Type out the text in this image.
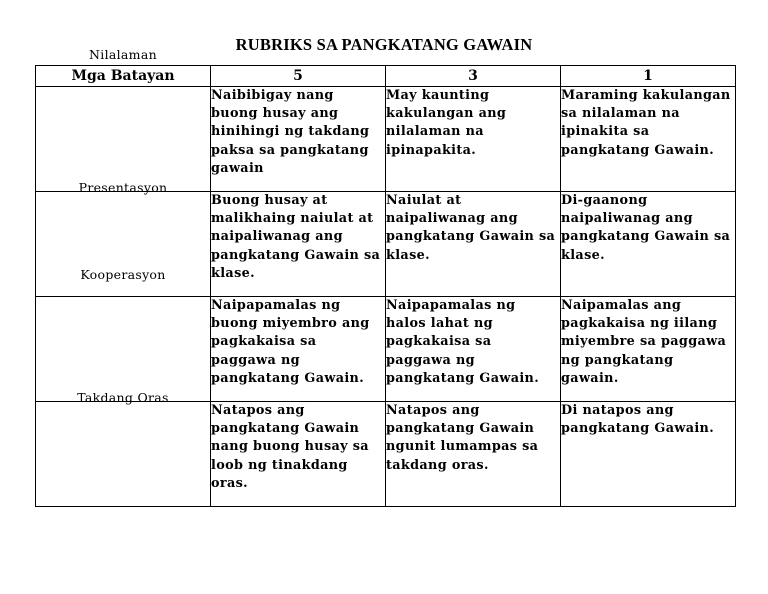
RUBRIKS SA PANGKATANG GAWAIN
Mga Batayan	5	3	1

Nilalaman	Naibibigay nang buong husay ang hinihingi ng takdang paksa sa pangkatang gawain	May kaunting kakulangan ang nilalaman na ipinapakita.	Maraming kakulangan sa nilalaman na ipinakita sa pangkatang Gawain.

Presentasyon	Buong husay at malikhaing naiulat at naipaliwanag ang pangkatang Gawain sa klase.	Naiulat at naipaliwanag ang pangkatang Gawain sa klase.	Di-gaanong naipaliwanag ang pangkatang Gawain sa klase.

Kooperasyon	Naipapamalas ng buong miyembro ang pagkakaisa sa paggawa ng pangkatang Gawain.	Naipapamalas ng halos lahat ng pagkakaisa sa paggawa ng pangkatang Gawain.	Naipamalas ang pagkakaisa ng iilang miyembre sa paggawa ng pangkatang gawain.

Takdang Oras	Natapos ang pangkatang Gawain nang buong husay sa loob ng tinakdang oras.	Natapos ang pangkatang Gawain ngunit lumampas sa takdang oras.	Di natapos ang pangkatang Gawain.
